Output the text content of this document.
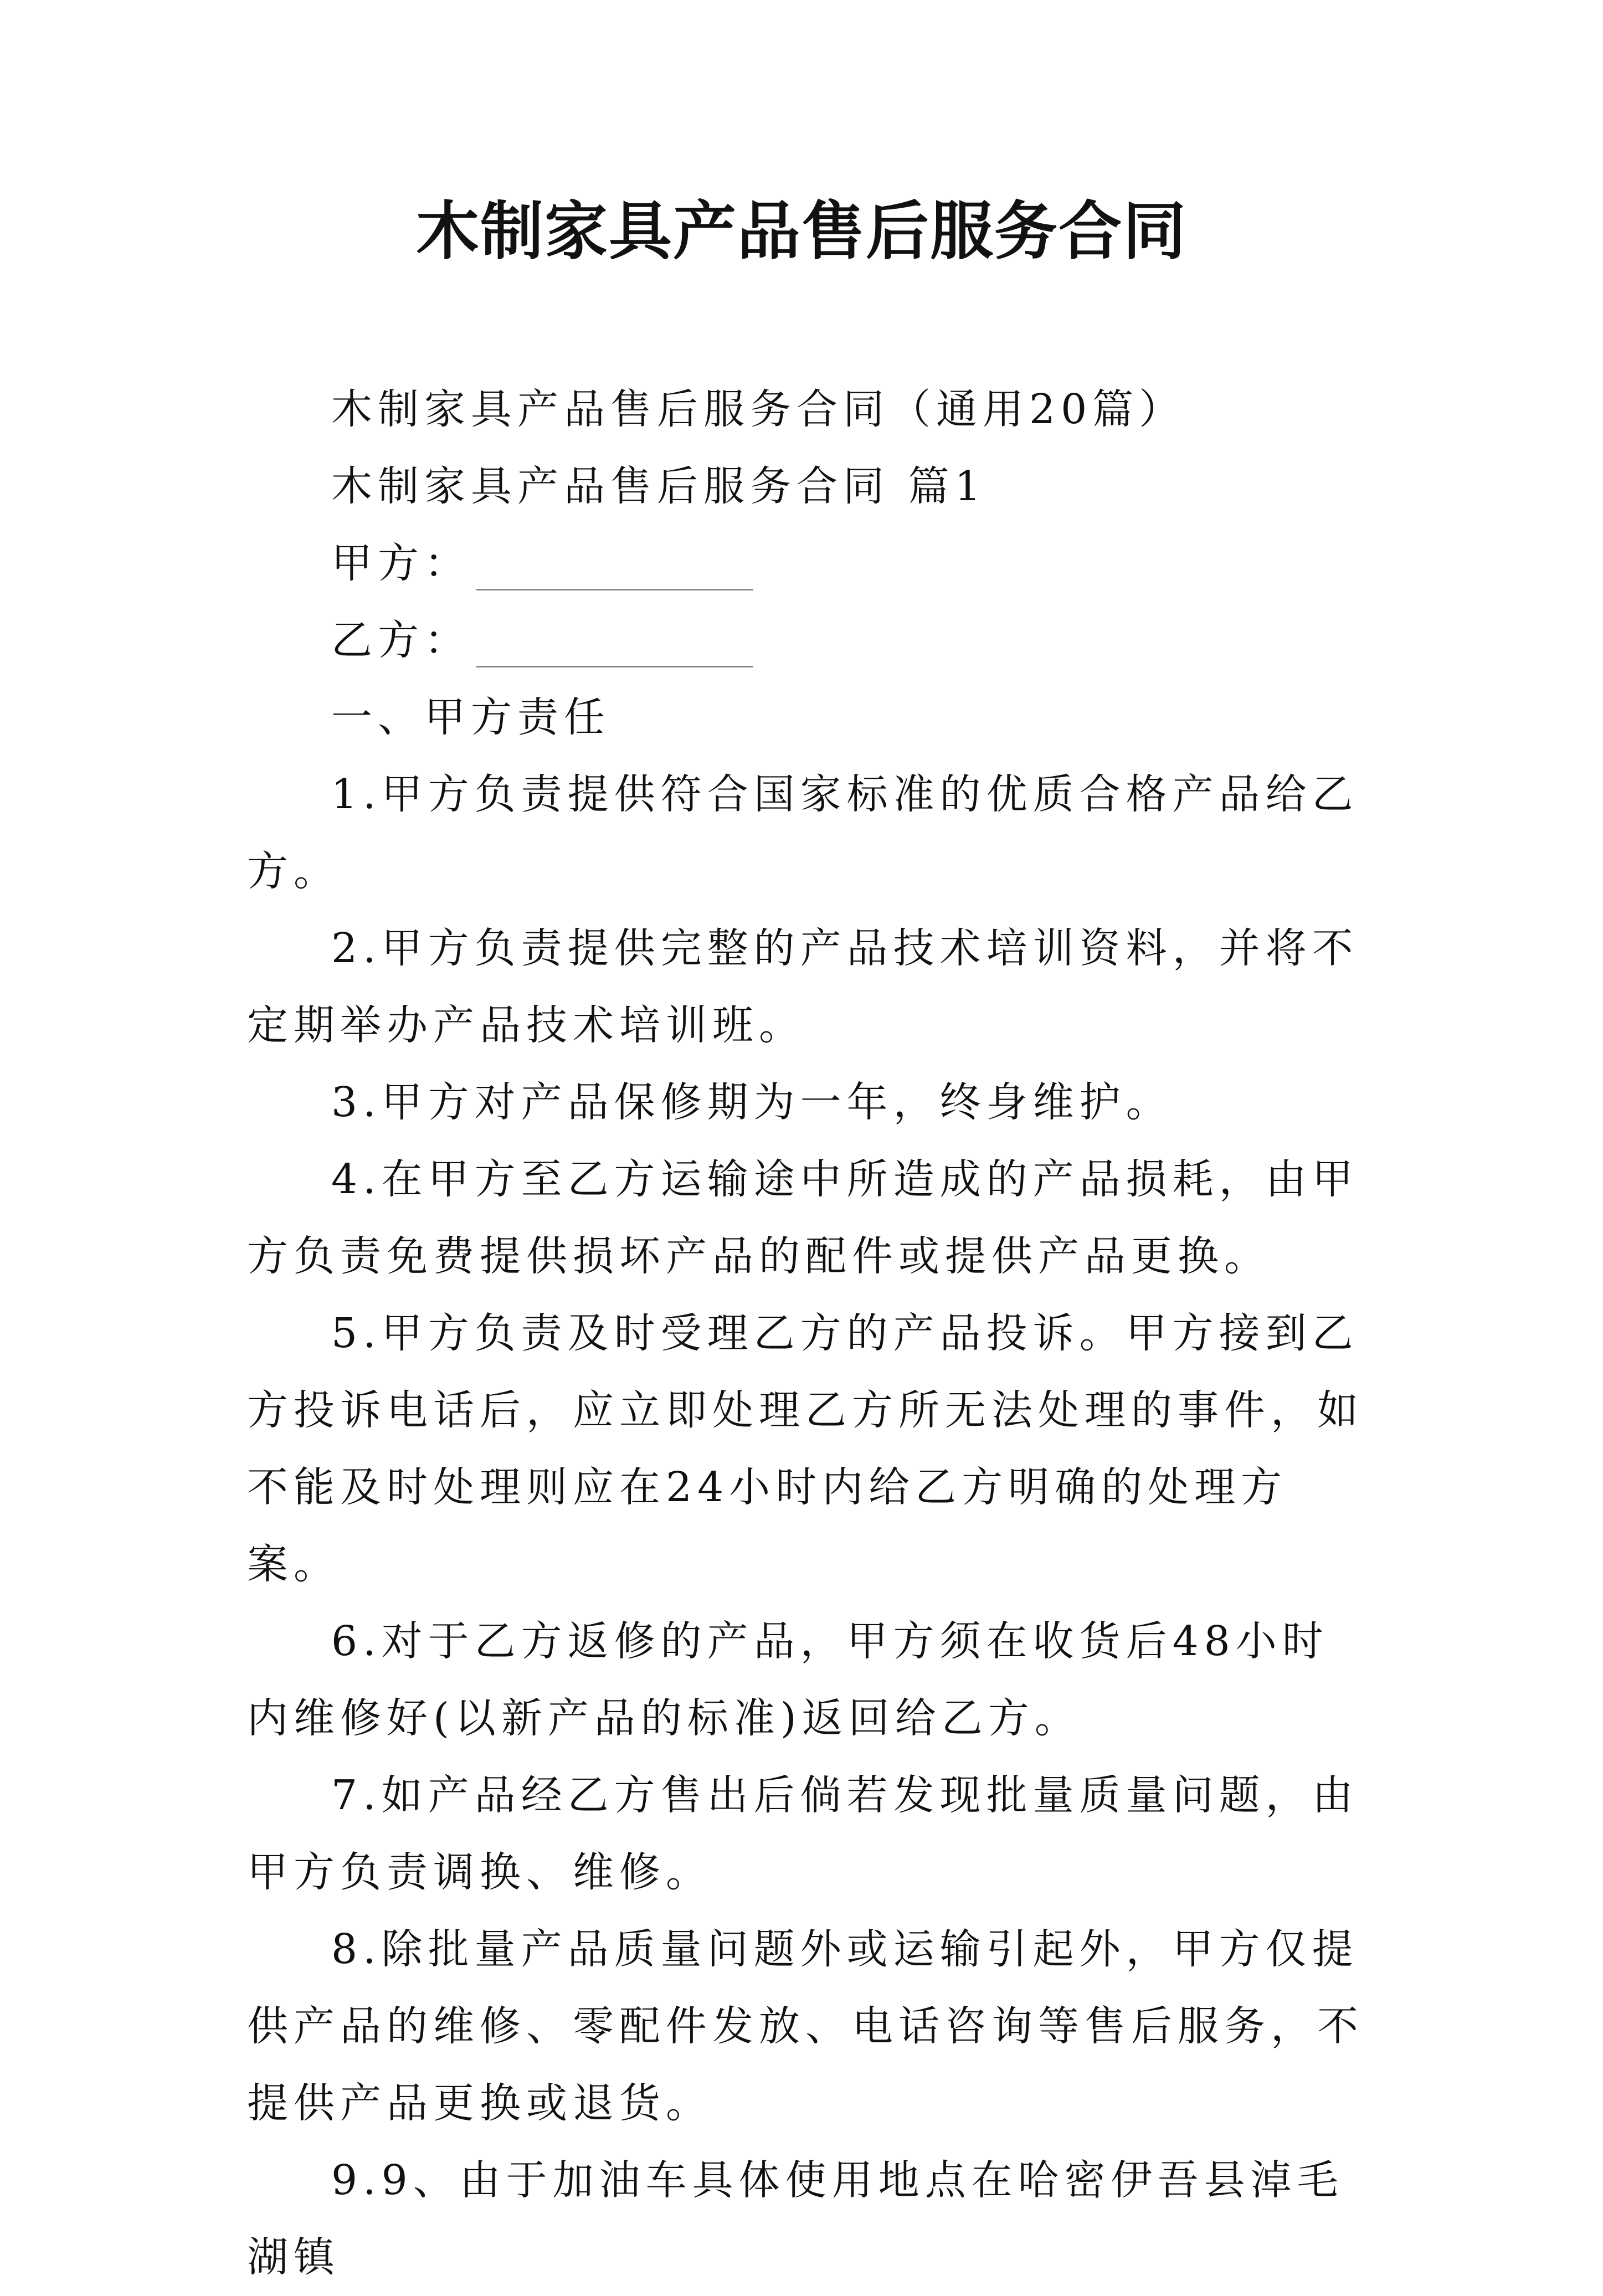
木制家具产品售后服务合同

木制家具产品售后服务合同（通用20篇）

木制家具产品售后服务合同 篇1

甲方：

乙方：

一、甲方责任

1.甲方负责提供符合国家标准的优质合格产品给乙方。

2.甲方负责提供完整的产品技术培训资料，并将不定期举办产品技术培训班。

3.甲方对产品保修期为一年，终身维护。

4.在甲方至乙方运输途中所造成的产品损耗，由甲方负责免费提供损坏产品的配件或提供产品更换。

5.甲方负责及时受理乙方的产品投诉。甲方接到乙方投诉电话后，应立即处理乙方所无法处理的事件，如不能及时处理则应在24小时内给乙方明确的处理方案。

6.对于乙方返修的产品，甲方须在收货后48小时内维修好(以新产品的标准)返回给乙方。

7.如产品经乙方售出后倘若发现批量质量问题，由甲方负责调换、维修。

8.除批量产品质量问题外或运输引起外，甲方仅提供产品的维修、零配件发放、电话咨询等售后服务，不提供产品更换或退货。

9.9、由于加油车具体使用地点在哈密伊吾县淖毛湖镇
